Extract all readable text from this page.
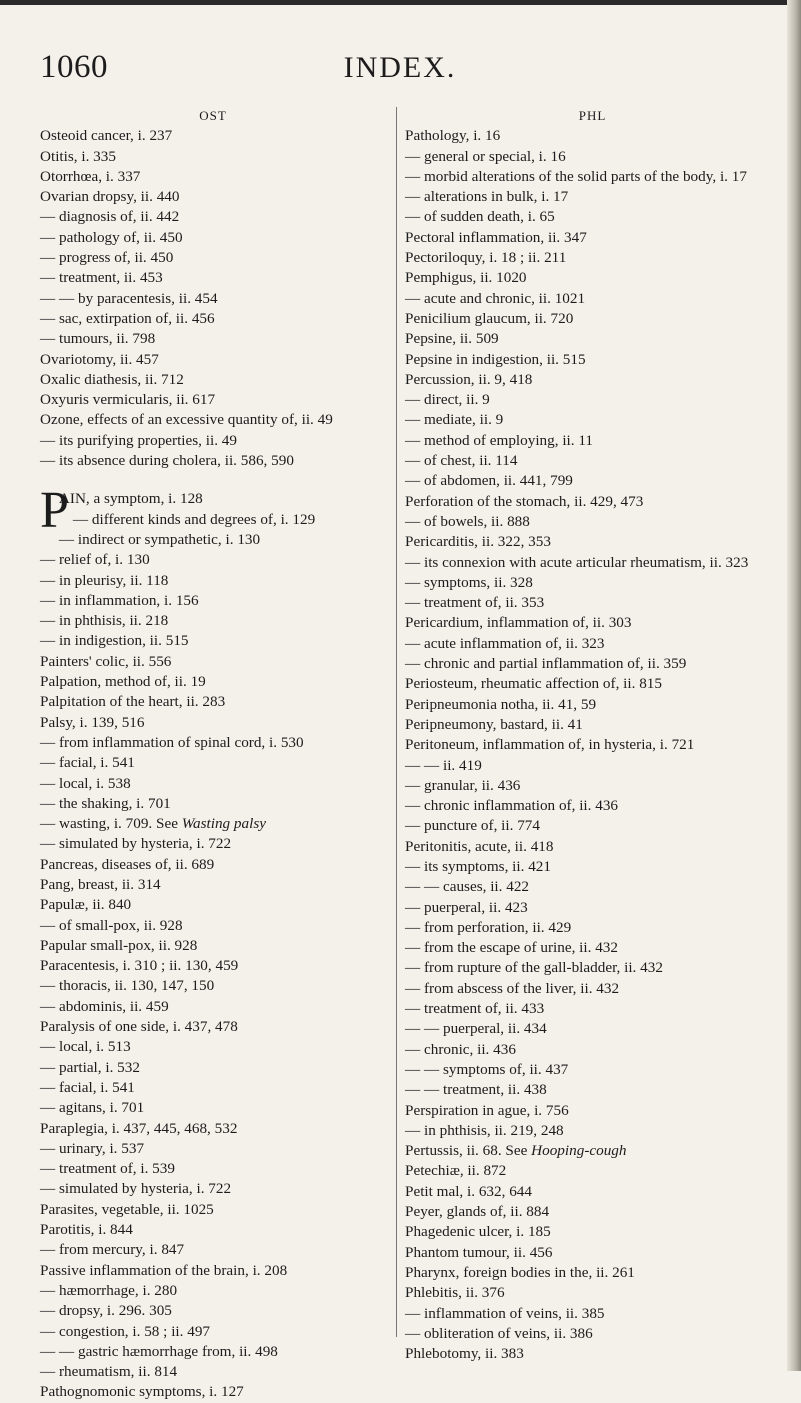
1060	INDEX.
OST
Osteoid cancer, i. 237
Otitis, i. 335
Otorrhœa, i. 337
Ovarian dropsy, ii. 440
— diagnosis of, ii. 442
— pathology of, ii. 450
— progress of, ii. 450
— treatment, ii. 453
— — by paracentesis, ii. 454
— sac, extirpation of, ii. 456
— tumours, ii. 798
Ovariotomy, ii. 457
Oxalic diathesis, ii. 712
Oxyuris vermicularis, ii. 617
Ozone, effects of an excessive quantity of, ii. 49
— its purifying properties, ii. 49
— its absence during cholera, ii. 586, 590
P
AIN, a symptom, i. 128
— different kinds and degrees of, i. 129
— indirect or sympathetic, i. 130
— relief of, i. 130
— in pleurisy, ii. 118
— in inflammation, i. 156
— in phthisis, ii. 218
— in indigestion, ii. 515
Painters' colic, ii. 556
Palpation, method of, ii. 19
Palpitation of the heart, ii. 283
Palsy, i. 139, 516
— from inflammation of spinal cord, i. 530
— facial, i. 541
— local, i. 538
— the shaking, i. 701
— wasting, i. 709. See Wasting palsy
— simulated by hysteria, i. 722
Pancreas, diseases of, ii. 689
Pang, breast, ii. 314
Papulæ, ii. 840
— of small-pox, ii. 928
Papular small-pox, ii. 928
Paracentesis, i. 310 ; ii. 130, 459
— thoracis, ii. 130, 147, 150
— abdominis, ii. 459
Paralysis of one side, i. 437, 478
— local, i. 513
— partial, i. 532
— facial, i. 541
— agitans, i. 701
Paraplegia, i. 437, 445, 468, 532
— urinary, i. 537
— treatment of, i. 539
— simulated by hysteria, i. 722
Parasites, vegetable, ii. 1025
Parotitis, i. 844
— from mercury, i. 847
Passive inflammation of the brain, i. 208
— hæmorrhage, i. 280
— dropsy, i. 296. 305
— congestion, i. 58 ; ii. 497
— — gastric hæmorrhage from, ii. 498
— rheumatism, ii. 814
Pathognomonic symptoms, i. 127
PHL
Pathology, i. 16
— general or special, i. 16
— morbid alterations of the solid parts of the body, i. 17
— alterations in bulk, i. 17
— of sudden death, i. 65
Pectoral inflammation, ii. 347
Pectoriloquy, i. 18 ; ii. 211
Pemphigus, ii. 1020
— acute and chronic, ii. 1021
Penicilium glaucum, ii. 720
Pepsine, ii. 509
Pepsine in indigestion, ii. 515
Percussion, ii. 9, 418
— direct, ii. 9
— mediate, ii. 9
— method of employing, ii. 11
— of chest, ii. 114
— of abdomen, ii. 441, 799
Perforation of the stomach, ii. 429, 473
— of bowels, ii. 888
Pericarditis, ii. 322, 353
— its connexion with acute articular rheumatism, ii. 323
— symptoms, ii. 328
— treatment of, ii. 353
Pericardium, inflammation of, ii. 303
— acute inflammation of, ii. 323
— chronic and partial inflammation of, ii. 359
Periosteum, rheumatic affection of, ii. 815
Peripneumonia notha, ii. 41, 59
Peripneumony, bastard, ii. 41
Peritoneum, inflammation of, in hysteria, i. 721
— — ii. 419
— granular, ii. 436
— chronic inflammation of, ii. 436
— puncture of, ii. 774
Peritonitis, acute, ii. 418
— its symptoms, ii. 421
— — causes, ii. 422
— puerperal, ii. 423
— from perforation, ii. 429
— from the escape of urine, ii. 432
— from rupture of the gall-bladder, ii. 432
— from abscess of the liver, ii. 432
— treatment of, ii. 433
— — puerperal, ii. 434
— chronic, ii. 436
— — symptoms of, ii. 437
— — treatment, ii. 438
Perspiration in ague, i. 756
— in phthisis, ii. 219, 248
Pertussis, ii. 68. See Hooping-cough
Petechiæ, ii. 872
Petit mal, i. 632, 644
Peyer, glands of, ii. 884
Phagedenic ulcer, i. 185
Phantom tumour, ii. 456
Pharynx, foreign bodies in the, ii. 261
Phlebitis, ii. 376
— inflammation of veins, ii. 385
— obliteration of veins, ii. 386
Phlebotomy, ii. 383
